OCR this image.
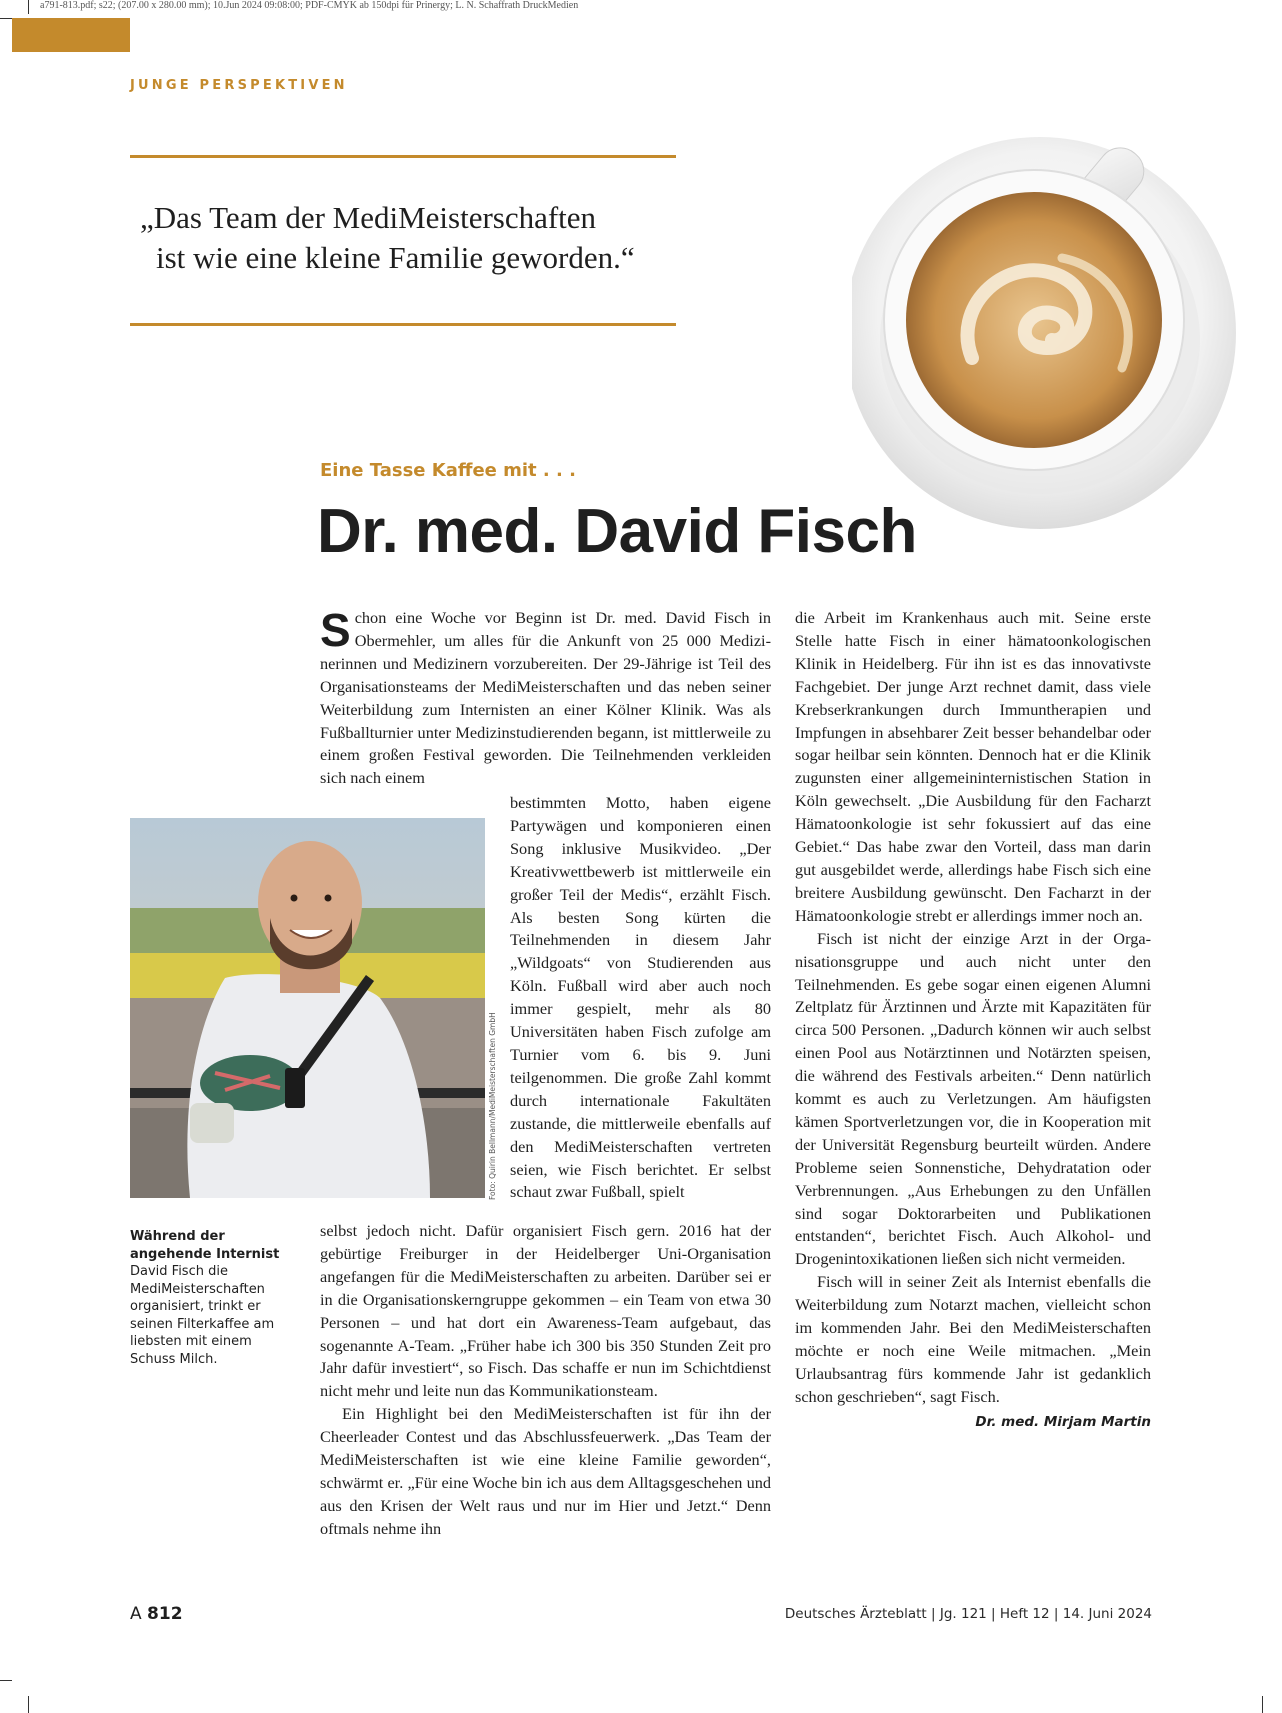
a791-813.pdf; s22; (207.00 x 280.00 mm); 10.Jun 2024 09:08:00; PDF-CMYK ab 150dpi für Prinergy; L. N. Schaffrath DruckMedien
JUNGE PERSPEKTIVEN
„Das Team der MediMeisterschaften
ist wie eine kleine Familie geworden.“
Eine Tasse Kaffee mit . . .
Dr. med. David Fisch

Schon eine Woche vor Beginn ist Dr. med. David Fisch in Obermehler, um alles für die Ankunft von 25 000 Medizinerinnen und Medizinern vorzubereiten. Der 29-Jährige ist Teil des Organisationsteams der MediMeisterschaften und das neben seiner Weiterbildung zum Internisten an einer Kölner Klinik. Was als Fußballturnier unter Medizinstudierenden begann, ist mittlerweile zu einem großen Festival geworden. Die Teilnehmenden verkleiden sich nach einem

bestimmten Motto, haben eigene Partywägen und komponieren einen Song inklusive Musikvideo. „Der Kreativwettbewerb ist mittlerweile ein großer Teil der Medis“, erzählt Fisch. Als besten Song kürten die Teilnehmenden in diesem Jahr „Wildgoats“ von Studierenden aus Köln. Fußball wird aber auch noch immer gespielt, mehr als 80 Universitäten haben Fisch zufolge am Turnier vom 6. bis 9. Juni teilgenommen. Die große Zahl kommt durch internationale Fakultäten zustande, die mittlerweile ebenfalls auf den MediMeisterschaften vertreten seien, wie Fisch berichtet. Er selbst schaut zwar Fußball, spielt

Foto: Quirin Bellmann/MediMeisterschaften GmbH
Während der angehende Internist David Fisch die MediMeisterschaften organisiert, trinkt er seinen Filterkaffee am liebsten mit einem Schuss Milch.

selbst jedoch nicht. Dafür organisiert Fisch gern. 2016 hat der gebürtige Freiburger in der Heidelberger Uni-Organisation angefangen für die MediMeisterschaften zu arbeiten. Darüber sei er in die Organisationskerngruppe gekommen – ein Team von etwa 30 Personen – und hat dort ein Awareness-Team aufgebaut, das sogenannte A-Team. „Früher habe ich 300 bis 350 Stunden Zeit pro Jahr dafür investiert“, so Fisch. Das schaffe er nun im Schichtdienst nicht mehr und leite nun das Kommunikationsteam.

Ein Highlight bei den MediMeisterschaften ist für ihn der Cheerleader Contest und das Abschlussfeuerwerk. „Das Team der MediMeisterschaften ist wie eine kleine Familie geworden“, schwärmt er. „Für eine Woche bin ich aus dem Alltagsgeschehen und aus den Krisen der Welt raus und nur im Hier und Jetzt.“ Denn oftmals nehme ihn

die Arbeit im Krankenhaus auch mit. Seine erste Stelle hatte Fisch in einer hämatoonkologischen Klinik in Heidelberg. Für ihn ist es das innovativste Fachgebiet. Der junge Arzt rechnet damit, dass viele Krebserkrankungen durch Immuntherapien und Impfungen in absehbarer Zeit besser behandelbar oder sogar heilbar sein könnten. Dennoch hat er die Klinik zugunsten einer allgemeininternistischen Station in Köln gewechselt. „Die Ausbildung für den Facharzt Hämatoonkologie ist sehr fokussiert auf das eine Gebiet.“ Das habe zwar den Vorteil, dass man darin gut ausgebildet werde, allerdings habe Fisch sich eine breitere Ausbildung gewünscht. Den Facharzt in der Hämatoonkologie strebt er allerdings immer noch an.

Fisch ist nicht der einzige Arzt in der Organisationsgruppe und auch nicht unter den Teilnehmenden. Es gebe sogar einen eigenen Alumni Zeltplatz für Ärztinnen und Ärzte mit Kapazitäten für circa 500 Personen. „Dadurch können wir auch selbst einen Pool aus Notärztinnen und Notärzten speisen, die während des Festivals arbeiten.“ Denn natürlich kommt es auch zu Verletzungen. Am häufigsten kämen Sportverletzungen vor, die in Kooperation mit der Universität Regensburg beurteilt würden. Andere Probleme seien Sonnenstiche, Dehydratation oder Verbrennungen. „Aus Erhebungen zu den Unfällen sind sogar Doktorarbeiten und Publikationen entstanden“, berichtet Fisch. Auch Alkohol- und Drogenintoxikationen ließen sich nicht vermeiden.

Fisch will in seiner Zeit als Internist ebenfalls die Weiterbildung zum Notarzt machen, vielleicht schon im kommenden Jahr. Bei den MediMeisterschaften möchte er noch eine Weile mitmachen. „Mein Urlaubsantrag fürs kommende Jahr ist gedanklich schon geschrieben“, sagt Fisch.
Dr. med. Mirjam Martin

A 812	Deutsches Ärzteblatt | Jg. 121 | Heft 12 | 14. Juni 2024
